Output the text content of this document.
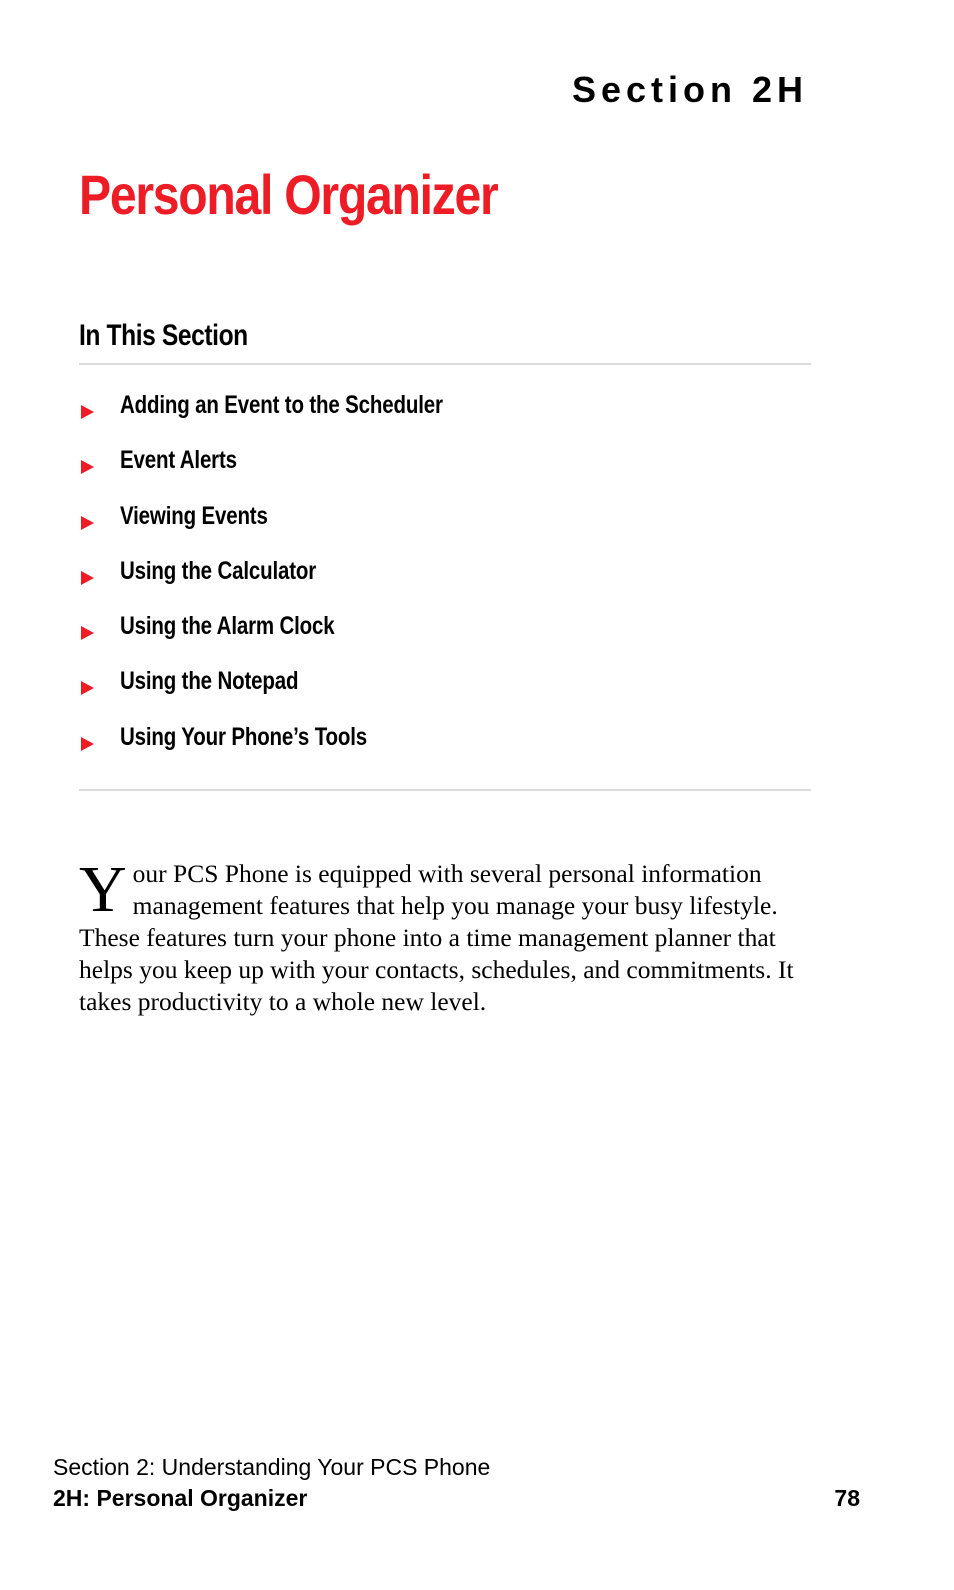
Section 2H
Personal Organizer
In This Section
Adding an Event to the Scheduler
Event Alerts
Viewing Events
Using the Calculator
Using the Alarm Clock
Using the Notepad
Using Your Phone’s Tools

Your PCS Phone is equipped with several personal information management features that help you manage your busy lifestyle. These features turn your phone into a time management planner that helps you keep up with your contacts, schedules, and commitments. It takes productivity to a whole new level.

Section 2: Understanding Your PCS Phone
2H: Personal Organizer	78
